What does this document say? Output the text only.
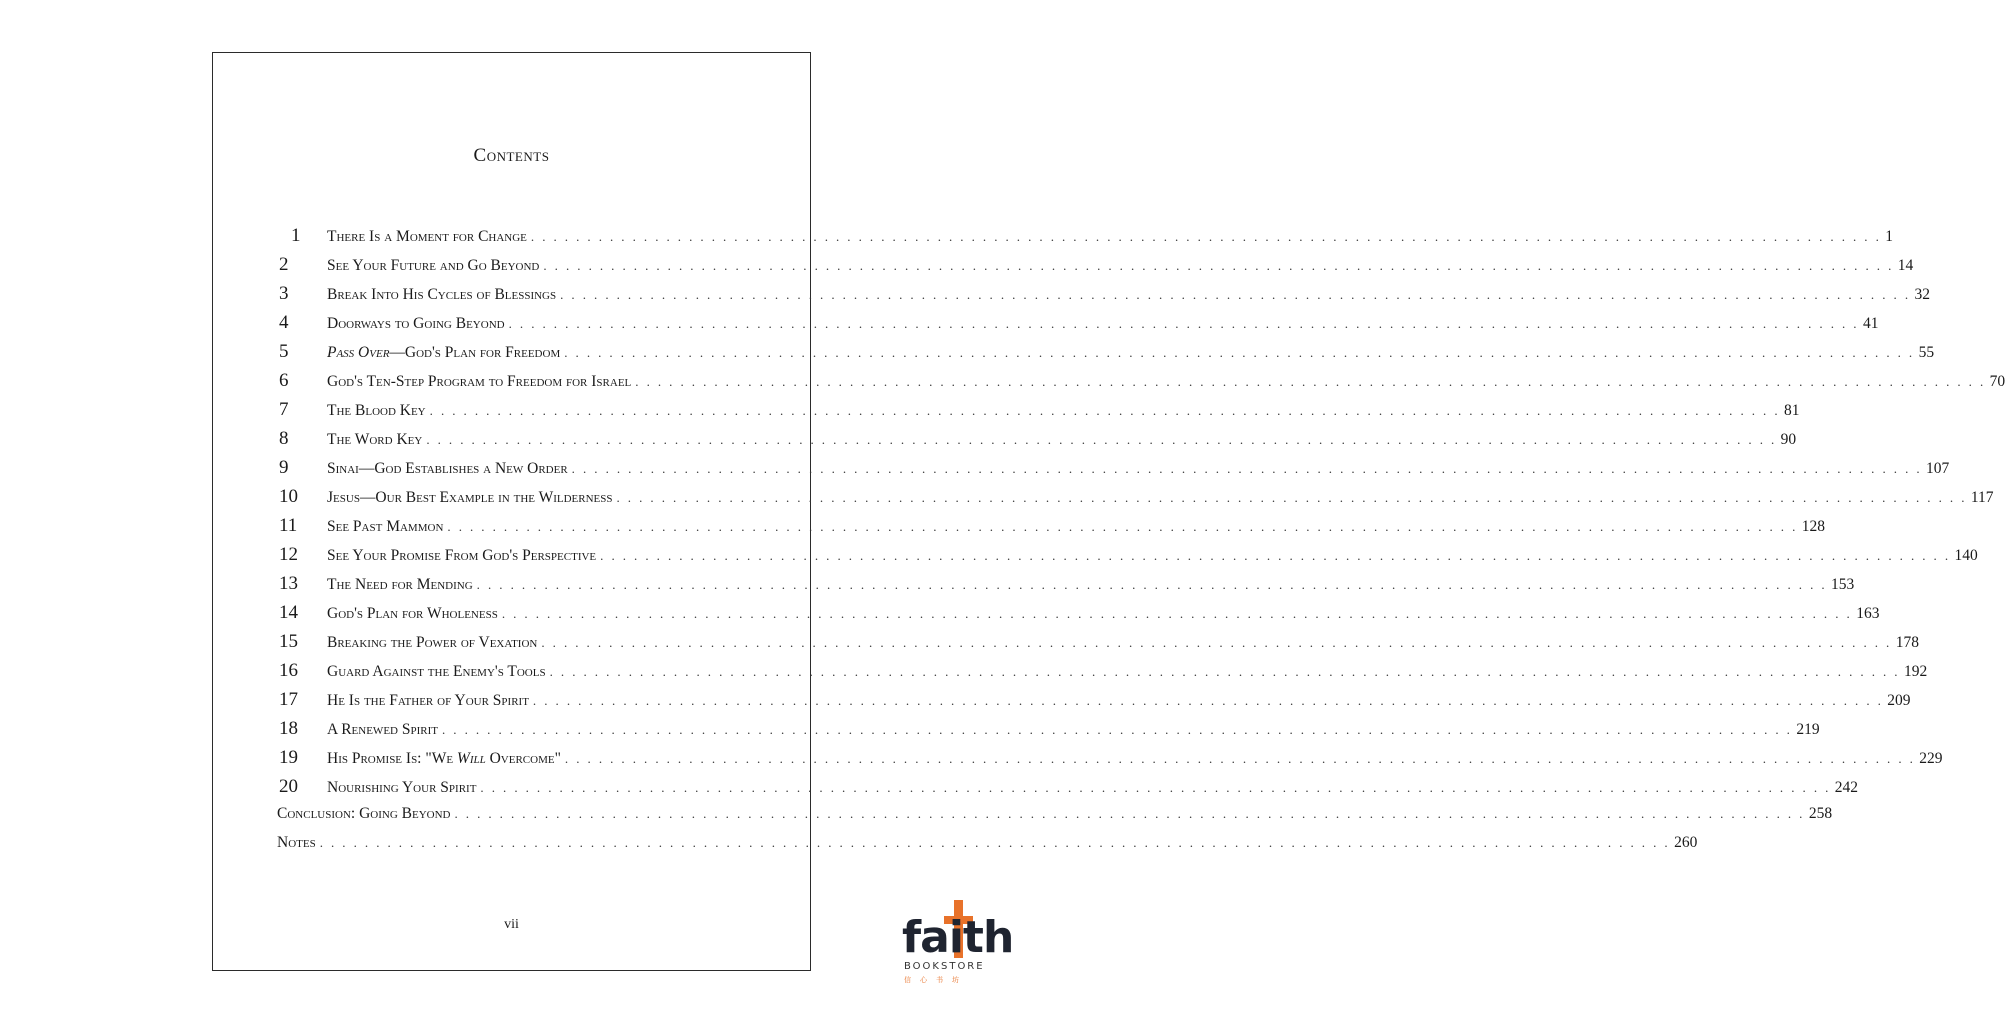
Contents
1	There Is a Moment for Change . . . . . . . . . . . . . . . . . . . . . . . . . . . . . . . . . . . . . . . . . . . . . . . . . . . . . . . . . . . . . . . . . . . . . . . . . . . . . . . . . . . . . . . . . . . . . . . . . . . . . . . . . . . . . . . . . . . . . . . . 1
2	See Your Future and Go Beyond . . . . . . . . . . . . . . . . . . . . . . . . . . . . . . . . . . . . . . . . . . . . . . . . . . . . . . . . . . . . . . . . . . . . . . . . . . . . . . . . . . . . . . . . . . . . . . . . . . . . . . . . . . . . . . . . . . . . . . . . 14
3	Break Into His Cycles of Blessings . . . . . . . . . . . . . . . . . . . . . . . . . . . . . . . . . . . . . . . . . . . . . . . . . . . . . . . . . . . . . . . . . . . . . . . . . . . . . . . . . . . . . . . . . . . . . . . . . . . . . . . . . . . . . . . . . . . . . . . . 32
4	Doorways to Going Beyond . . . . . . . . . . . . . . . . . . . . . . . . . . . . . . . . . . . . . . . . . . . . . . . . . . . . . . . . . . . . . . . . . . . . . . . . . . . . . . . . . . . . . . . . . . . . . . . . . . . . . . . . . . . . . . . . . . . . . . . . 41
5	Pass Over—God's Plan for Freedom . . . . . . . . . . . . . . . . . . . . . . . . . . . . . . . . . . . . . . . . . . . . . . . . . . . . . . . . . . . . . . . . . . . . . . . . . . . . . . . . . . . . . . . . . . . . . . . . . . . . . . . . . . . . . . . . . . . . . . . . 55
6	God's Ten-Step Program to Freedom for Israel . . . . . . . . . . . . . . . . . . . . . . . . . . . . . . . . . . . . . . . . . . . . . . . . . . . . . . . . . . . . . . . . . . . . . . . . . . . . . . . . . . . . . . . . . . . . . . . . . . . . . . . . . . . . . . . . . . . . . . . . 70
7	The Blood Key . . . . . . . . . . . . . . . . . . . . . . . . . . . . . . . . . . . . . . . . . . . . . . . . . . . . . . . . . . . . . . . . . . . . . . . . . . . . . . . . . . . . . . . . . . . . . . . . . . . . . . . . . . . . . . . . . . . . . . . . 81
8	The Word Key . . . . . . . . . . . . . . . . . . . . . . . . . . . . . . . . . . . . . . . . . . . . . . . . . . . . . . . . . . . . . . . . . . . . . . . . . . . . . . . . . . . . . . . . . . . . . . . . . . . . . . . . . . . . . . . . . . . . . . . . 90
9	Sinai—God Establishes a New Order . . . . . . . . . . . . . . . . . . . . . . . . . . . . . . . . . . . . . . . . . . . . . . . . . . . . . . . . . . . . . . . . . . . . . . . . . . . . . . . . . . . . . . . . . . . . . . . . . . . . . . . . . . . . . . . . . . . . . . . . 107
10	Jesus—Our Best Example in the Wilderness . . . . . . . . . . . . . . . . . . . . . . . . . . . . . . . . . . . . . . . . . . . . . . . . . . . . . . . . . . . . . . . . . . . . . . . . . . . . . . . . . . . . . . . . . . . . . . . . . . . . . . . . . . . . . . . . . . . . . . . . 117
11	See Past Mammon . . . . . . . . . . . . . . . . . . . . . . . . . . . . . . . . . . . . . . . . . . . . . . . . . . . . . . . . . . . . . . . . . . . . . . . . . . . . . . . . . . . . . . . . . . . . . . . . . . . . . . . . . . . . . . . . . . . . . . . . 128
12	See Your Promise From God's Perspective . . . . . . . . . . . . . . . . . . . . . . . . . . . . . . . . . . . . . . . . . . . . . . . . . . . . . . . . . . . . . . . . . . . . . . . . . . . . . . . . . . . . . . . . . . . . . . . . . . . . . . . . . . . . . . . . . . . . . . . . 140
13	The Need for Mending . . . . . . . . . . . . . . . . . . . . . . . . . . . . . . . . . . . . . . . . . . . . . . . . . . . . . . . . . . . . . . . . . . . . . . . . . . . . . . . . . . . . . . . . . . . . . . . . . . . . . . . . . . . . . . . . . . . . . . . . 153
14	God's Plan for Wholeness . . . . . . . . . . . . . . . . . . . . . . . . . . . . . . . . . . . . . . . . . . . . . . . . . . . . . . . . . . . . . . . . . . . . . . . . . . . . . . . . . . . . . . . . . . . . . . . . . . . . . . . . . . . . . . . . . . . . . . . . 163
15	Breaking the Power of Vexation . . . . . . . . . . . . . . . . . . . . . . . . . . . . . . . . . . . . . . . . . . . . . . . . . . . . . . . . . . . . . . . . . . . . . . . . . . . . . . . . . . . . . . . . . . . . . . . . . . . . . . . . . . . . . . . . . . . . . . . . 178
16	Guard Against the Enemy's Tools . . . . . . . . . . . . . . . . . . . . . . . . . . . . . . . . . . . . . . . . . . . . . . . . . . . . . . . . . . . . . . . . . . . . . . . . . . . . . . . . . . . . . . . . . . . . . . . . . . . . . . . . . . . . . . . . . . . . . . . . 192
17	He Is the Father of Your Spirit . . . . . . . . . . . . . . . . . . . . . . . . . . . . . . . . . . . . . . . . . . . . . . . . . . . . . . . . . . . . . . . . . . . . . . . . . . . . . . . . . . . . . . . . . . . . . . . . . . . . . . . . . . . . . . . . . . . . . . . . 209
18	A Renewed Spirit . . . . . . . . . . . . . . . . . . . . . . . . . . . . . . . . . . . . . . . . . . . . . . . . . . . . . . . . . . . . . . . . . . . . . . . . . . . . . . . . . . . . . . . . . . . . . . . . . . . . . . . . . . . . . . . . . . . . . . . . 219
19	His Promise Is: "We Will Overcome" . . . . . . . . . . . . . . . . . . . . . . . . . . . . . . . . . . . . . . . . . . . . . . . . . . . . . . . . . . . . . . . . . . . . . . . . . . . . . . . . . . . . . . . . . . . . . . . . . . . . . . . . . . . . . . . . . . . . . . . . 229
20	Nourishing Your Spirit . . . . . . . . . . . . . . . . . . . . . . . . . . . . . . . . . . . . . . . . . . . . . . . . . . . . . . . . . . . . . . . . . . . . . . . . . . . . . . . . . . . . . . . . . . . . . . . . . . . . . . . . . . . . . . . . . . . . . . . . 242
Conclusion: Going Beyond . . . . . . . . . . . . . . . . . . . . . . . . . . . . . . . . . . . . . . . . . . . . . . . . . . . . . . . . . . . . . . . . . . . . . . . . . . . . . . . . . . . . . . . . . . . . . . . . . . . . . . . . . . . . . . . . . . . . . . . . 258
Notes . . . . . . . . . . . . . . . . . . . . . . . . . . . . . . . . . . . . . . . . . . . . . . . . . . . . . . . . . . . . . . . . . . . . . . . . . . . . . . . . . . . . . . . . . . . . . . . . . . . . . . . . . . . . . . . . . . . . . . . . 260
vii	faith
BOOKSTORE
信心书坊
